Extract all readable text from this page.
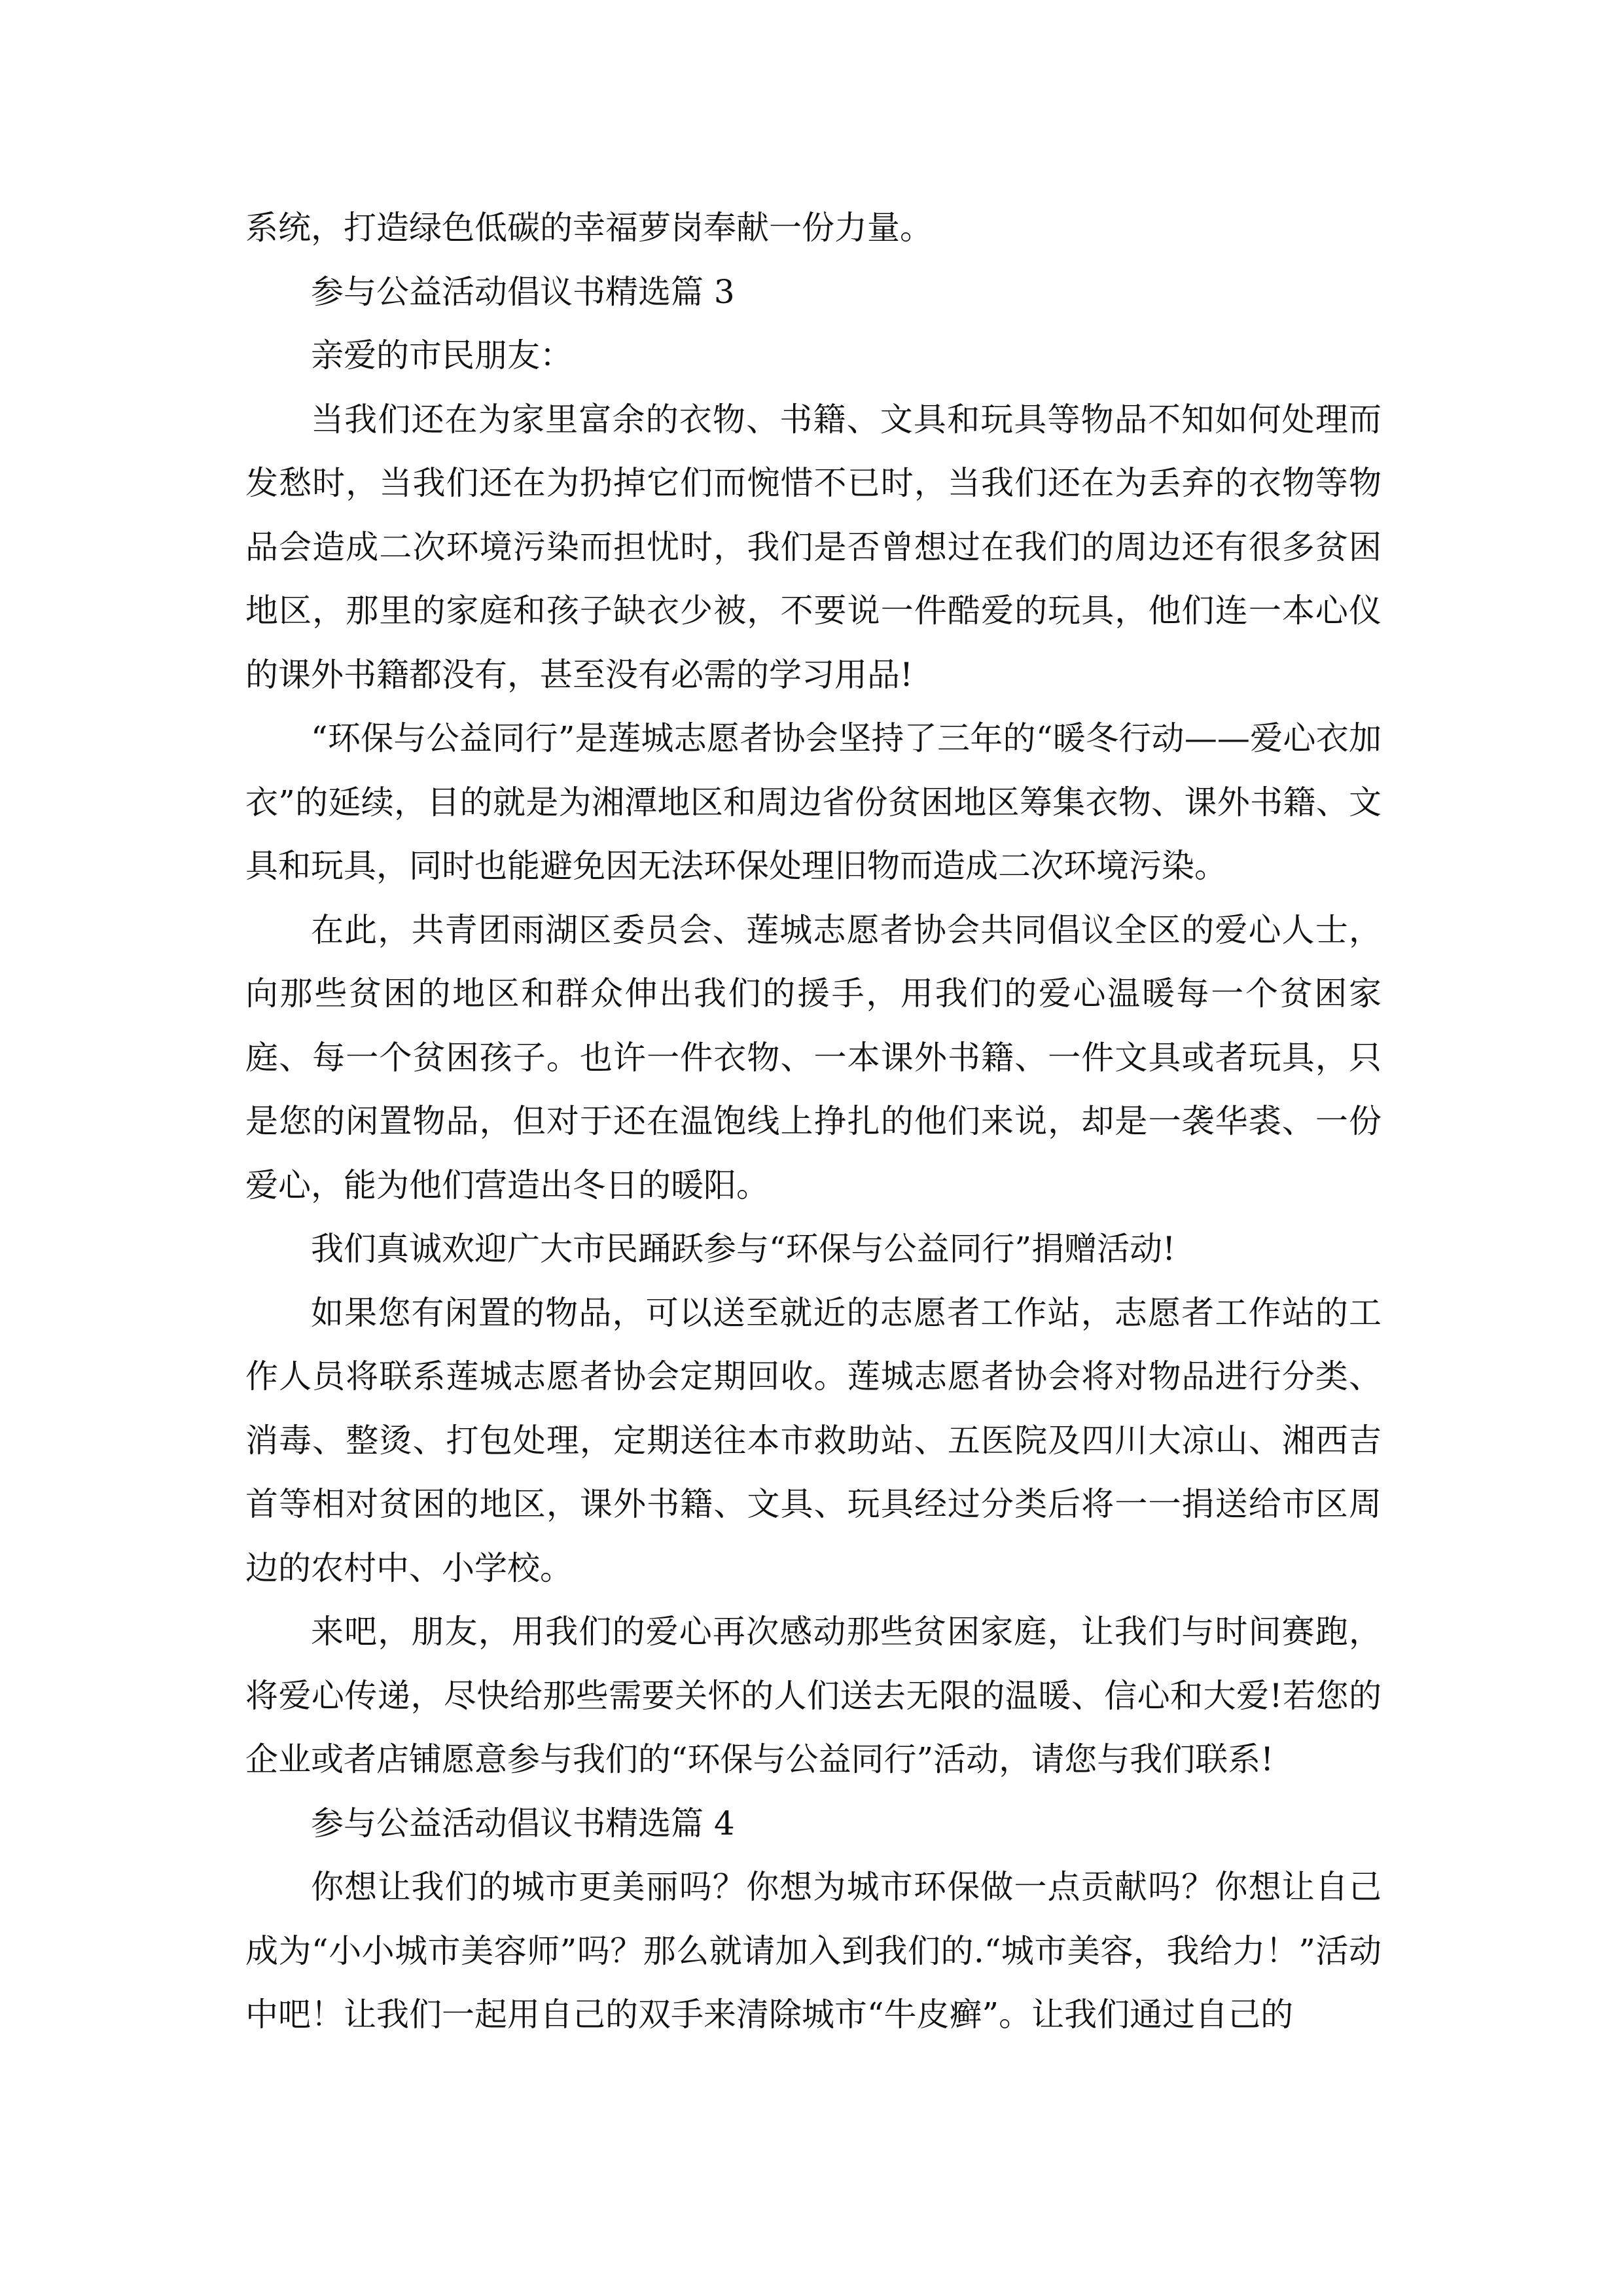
系统，打造绿色低碳的幸福萝岗奉献一份力量。

参与公益活动倡议书精选篇 3

亲爱的市民朋友：

当我们还在为家里富余的衣物、书籍、文具和玩具等物品不知如何处理而发愁时，当我们还在为扔掉它们而惋惜不已时，当我们还在为丢弃的衣物等物品会造成二次环境污染而担忧时，我们是否曾想过在我们的周边还有很多贫困地区，那里的家庭和孩子缺衣少被，不要说一件酷爱的玩具，他们连一本心仪的课外书籍都没有，甚至没有必需的学习用品!

“环保与公益同行”是莲城志愿者协会坚持了三年的“暖冬行动——爱心衣加衣”的延续，目的就是为湘潭地区和周边省份贫困地区筹集衣物、课外书籍、文具和玩具，同时也能避免因无法环保处理旧物而造成二次环境污染。

在此，共青团雨湖区委员会、莲城志愿者协会共同倡议全区的爱心人士，向那些贫困的地区和群众伸出我们的援手，用我们的爱心温暖每一个贫困家庭、每一个贫困孩子。也许一件衣物、一本课外书籍、一件文具或者玩具，只是您的闲置物品，但对于还在温饱线上挣扎的他们来说，却是一袭华裘、一份爱心，能为他们营造出冬日的暖阳。

我们真诚欢迎广大市民踊跃参与“环保与公益同行”捐赠活动!

如果您有闲置的物品，可以送至就近的志愿者工作站，志愿者工作站的工作人员将联系莲城志愿者协会定期回收。莲城志愿者协会将对物品进行分类、消毒、整烫、打包处理，定期送往本市救助站、五医院及四川大凉山、湘西吉首等相对贫困的地区，课外书籍、文具、玩具经过分类后将一一捐送给市区周边的农村中、小学校。

来吧，朋友，用我们的爱心再次感动那些贫困家庭，让我们与时间赛跑，将爱心传递，尽快给那些需要关怀的人们送去无限的温暖、信心和大爱!若您的企业或者店铺愿意参与我们的“环保与公益同行”活动，请您与我们联系!

参与公益活动倡议书精选篇 4

你想让我们的城市更美丽吗？你想为城市环保做一点贡献吗？你想让自己成为“小小城市美容师”吗？那么就请加入到我们的.“城市美容，我给力！”活动中吧！让我们一起用自己的双手来清除城市“牛皮癣”。让我们通过自己的
